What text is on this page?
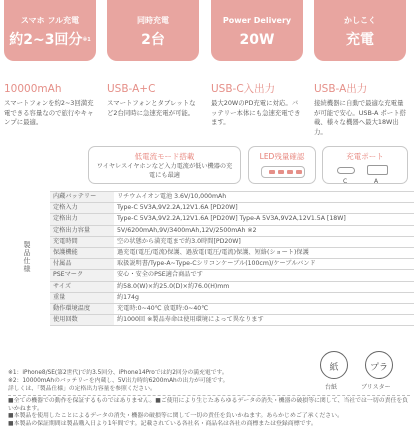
スマホ フル充電
約2~3回分$^{※1}$
10000mAh
スマートフォンを約2~3回満充電できる容量なので旅行やキャンプに最適。
同時充電
2台
USB-A+C
スマートフォンとタブレットなど2台同時に急速充電が可能。
Power Delivery
20W
USB-C入出力
最大20WのPD充電に対応。バッテリー本体にも急速充電できます。
かしこく
充電
USB-A出力
接続機器に自動で最適な充電量が可能で安心。USB-A ポート搭載、様々な機器へ最大18W出力。
低電流モード搭載
ワイヤレスイヤホンなど入力電流が低い機器の充電にも最適
LED残量確認	充電ポート
C	A
製品仕様	内蔵バッテリー	リチウムイオン電池 3.6V/10,000mAh
	定格入力	Type-C 5V3A,9V2.2A,12V1.6A [PD20W]
	定格出力	Type-C 5V3A,9V2.2A,12V1.6A [PD20W] Type-A 5V3A,9V2A,12V1.5A [18W]
	定格出力容量	5V/6200mAh,9V/3400mAh,12V/2500mAh ※2
	充電時間	空の状態から満充電まで約3.0時間[PD20W]
	保護機能	過充電(電圧/電流)保護、過放電(電圧/電流)保護、短絡(ショート)保護
	付属品	取扱説明書/Type-A~Type-Cシリコンケーブル(100cm)/ケーブルバンド
	PSEマーク	安心・安全のPSE適合商品です
	サイズ	約58.0(W)×約25.0(D)×約76.0(H)mm
	重量	約174g
	動作環境温度	充電時:0~40℃ 放電時:0~40℃
	使用回数	約1000回 ※製品寿命は使用環境によって異なります
※1：iPhone8/SE(第2世代)で約3.5回分、iPhone14Proでは約2回分の満充電です。
※2：10000mAhのバッテリーを内蔵し、5V出力時約6200mAhの出力が可能です。
詳しくは、「製品仕様」の定格出力容量を参照ください。
紙
台紙
プラ
ブリスター
■全ての機器での動作を保証するものではありません。■ご使用により生じたあらゆるデータの消失・機器の破損等に関して、当社では一切の責任を負いかねます。
■本製品を使用したことによるデータの消失・機器の破損等に関して一切の責任を負いかねます。あらかじめご了承ください。
■本製品の保証期間は製品購入日より1年間です。記載されている各社名・商品名は各社の商標または登録商標です。
